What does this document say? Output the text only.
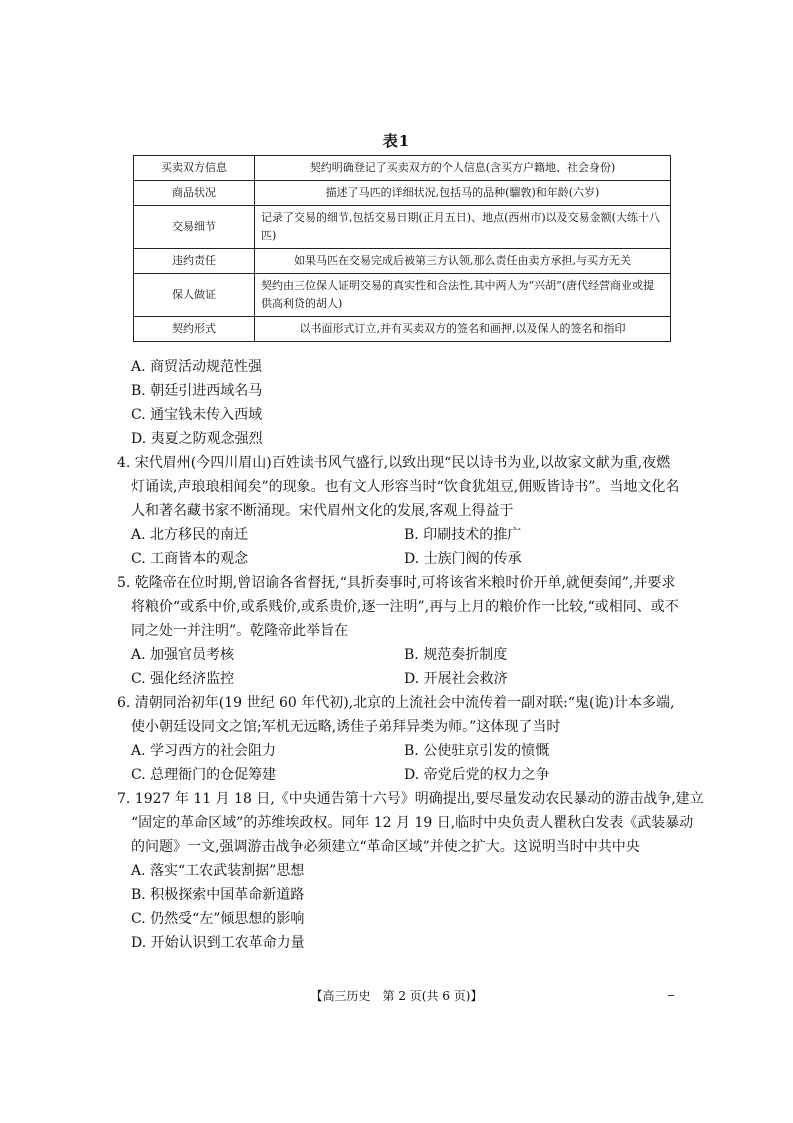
表1
买卖双方信息	契约明确登记了买卖双方的个人信息(含买方户籍地、社会身份)
商品状况	描述了马匹的详细状况,包括马的品种(騮敦)和年龄(六岁)
交易细节	记录了交易的细节,包括交易日期(正月五日)、地点(西州市)以及交易金额(大练十八匹)
违约责任	如果马匹在交易完成后被第三方认领,那么责任由卖方承担,与买方无关
保人做证	契约由三位保人证明交易的真实性和合法性,其中两人为“兴胡”(唐代经营商业或提供高利贷的胡人)
契约形式	以书面形式订立,并有买卖双方的签名和画押,以及保人的签名和指印
A. 商贸活动规范性强
B. 朝廷引进西域名马
C. 通宝钱未传入西域
D. 夷夏之防观念强烈
4. 宋代眉州(今四川眉山)百姓读书风气盛行,以致出现“民以诗书为业,以故家文献为重,夜燃
灯诵读,声琅琅相闻矣”的现象。也有文人形容当时“饮食犹俎豆,佣贩皆诗书”。当地文化名
人和著名藏书家不断涌现。宋代眉州文化的发展,客观上得益于
A. 北方移民的南迁	B. 印刷技术的推广
C. 工商皆本的观念	D. 士族门阀的传承
5. 乾隆帝在位时期,曾诏谕各省督抚,“具折奏事时,可将该省米粮时价开单,就便奏闻”,并要求
将粮价“或系中价,或系贱价,或系贵价,逐一注明”,再与上月的粮价作一比较,“或相同、或不
同之处一并注明”。乾隆帝此举旨在
A. 加强官员考核	B. 规范奏折制度
C. 强化经济监控	D. 开展社会救济
6. 清朝同治初年(19 世纪 60 年代初),北京的上流社会中流传着一副对联:“鬼(诡)计本多端,
使小朝廷设同文之馆;军机无远略,诱佳子弟拜异类为师。”这体现了当时
A. 学习西方的社会阻力	B. 公使驻京引发的愤慨
C. 总理衙门的仓促筹建	D. 帝党后党的权力之争
7. 1927 年 11 月 18 日,《中央通告第十六号》明确提出,要尽量发动农民暴动的游击战争,建立
“固定的革命区域”的苏维埃政权。同年 12 月 19 日,临时中央负责人瞿秋白发表《武装暴动
的问题》一文,强调游击战争必须建立“革命区域”并使之扩大。这说明当时中共中央
A. 落实“工农武装割据”思想
B. 积极探索中国革命新道路
C. 仍然受“左”倾思想的影响
D. 开始认识到工农革命力量
【高三历史　第 2 页(共 6 页)】
